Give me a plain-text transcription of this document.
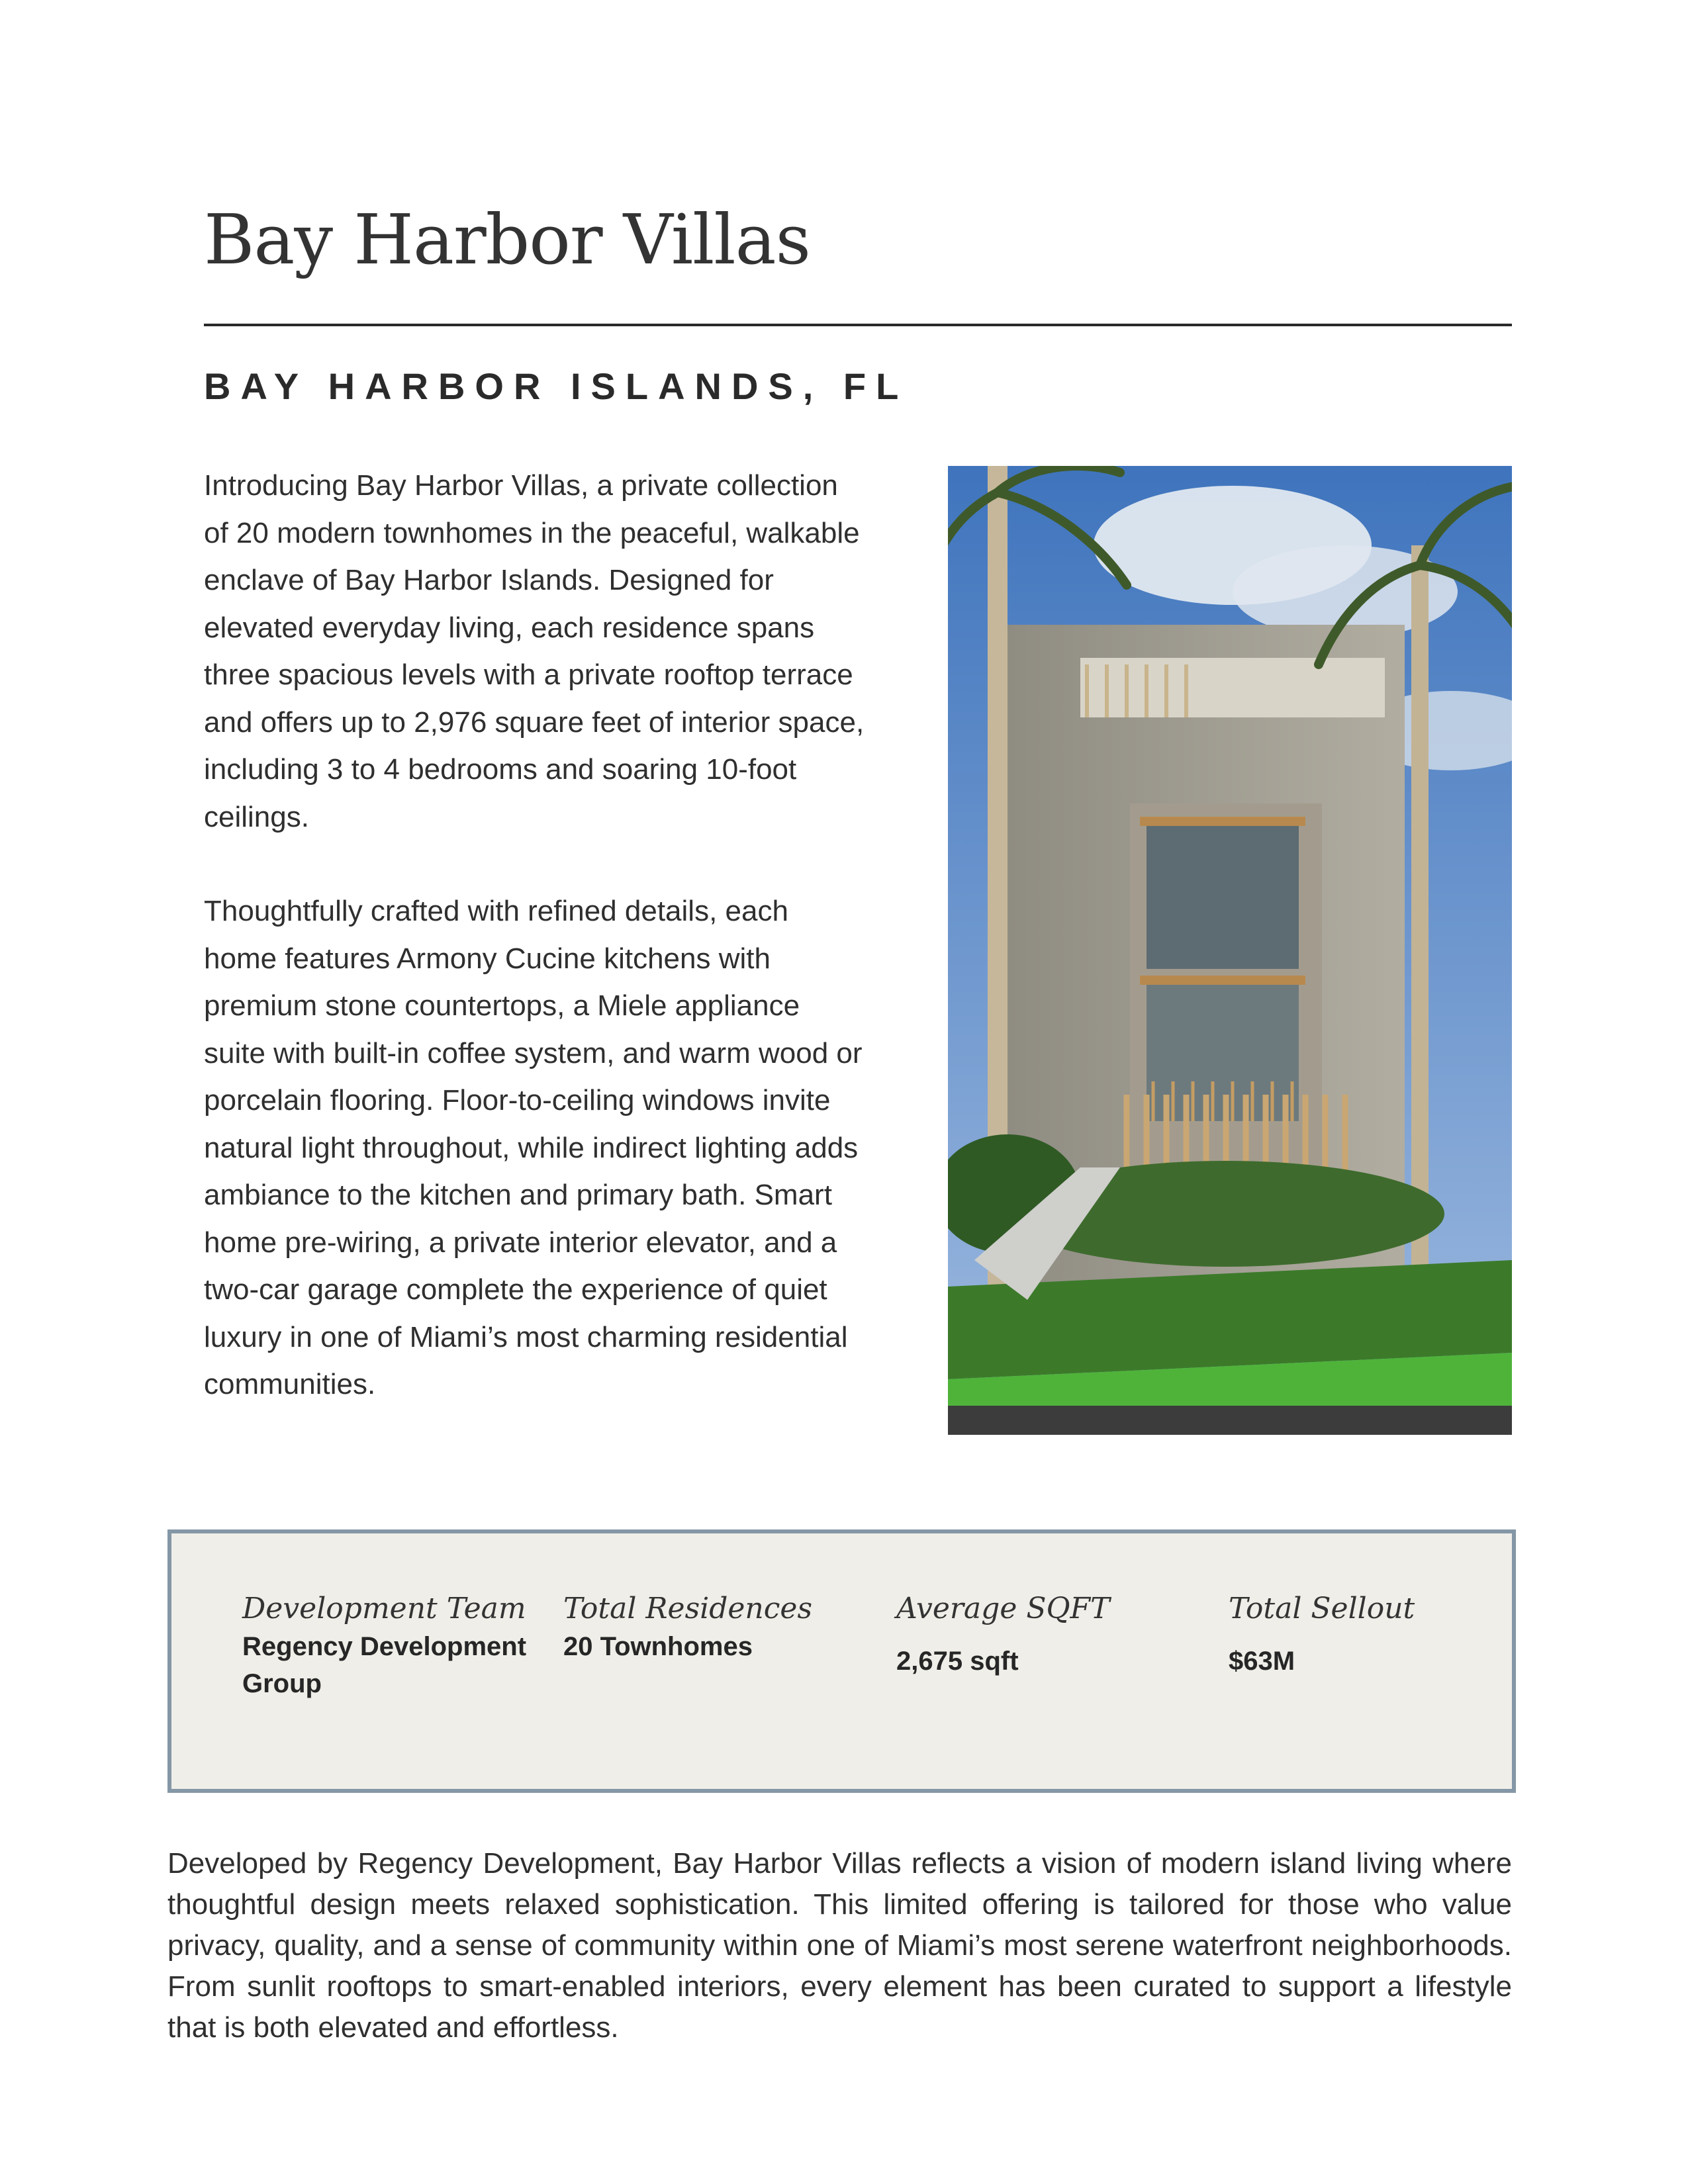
Bay Harbor Villas
BAY HARBOR ISLANDS, FL

Introducing Bay Harbor Villas, a private collection of 20 modern townhomes in the peaceful, walkable enclave of Bay Harbor Islands. Designed for elevated everyday living, each residence spans three spacious levels with a private rooftop terrace and offers up to 2,976 square feet of interior space, including 3 to 4 bedrooms and soaring 10-foot ceilings.

Thoughtfully crafted with refined details, each home features Armony Cucine kitchens with premium stone countertops, a Miele appliance suite with built-in coffee system, and warm wood or porcelain flooring. Floor-to-ceiling windows invite natural light throughout, while indirect lighting adds ambiance to the kitchen and primary bath. Smart home pre-wiring, a private interior elevator, and a two-car garage complete the experience of quiet luxury in one of Miami’s most charming residential communities.

Development Team
Regency Development Group
Total Residences
20 Townhomes
Average SQFT
2,675 sqft
Total Sellout
$63M

Developed by Regency Development, Bay Harbor Villas reflects a vision of modern island living where thoughtful design meets relaxed sophistication. This limited offering is tailored for those who value privacy, quality, and a sense of community within one of Miami’s most serene waterfront neighborhoods. From sunlit rooftops to smart-enabled interiors, every element has been curated to support a lifestyle that is both elevated and effortless.
